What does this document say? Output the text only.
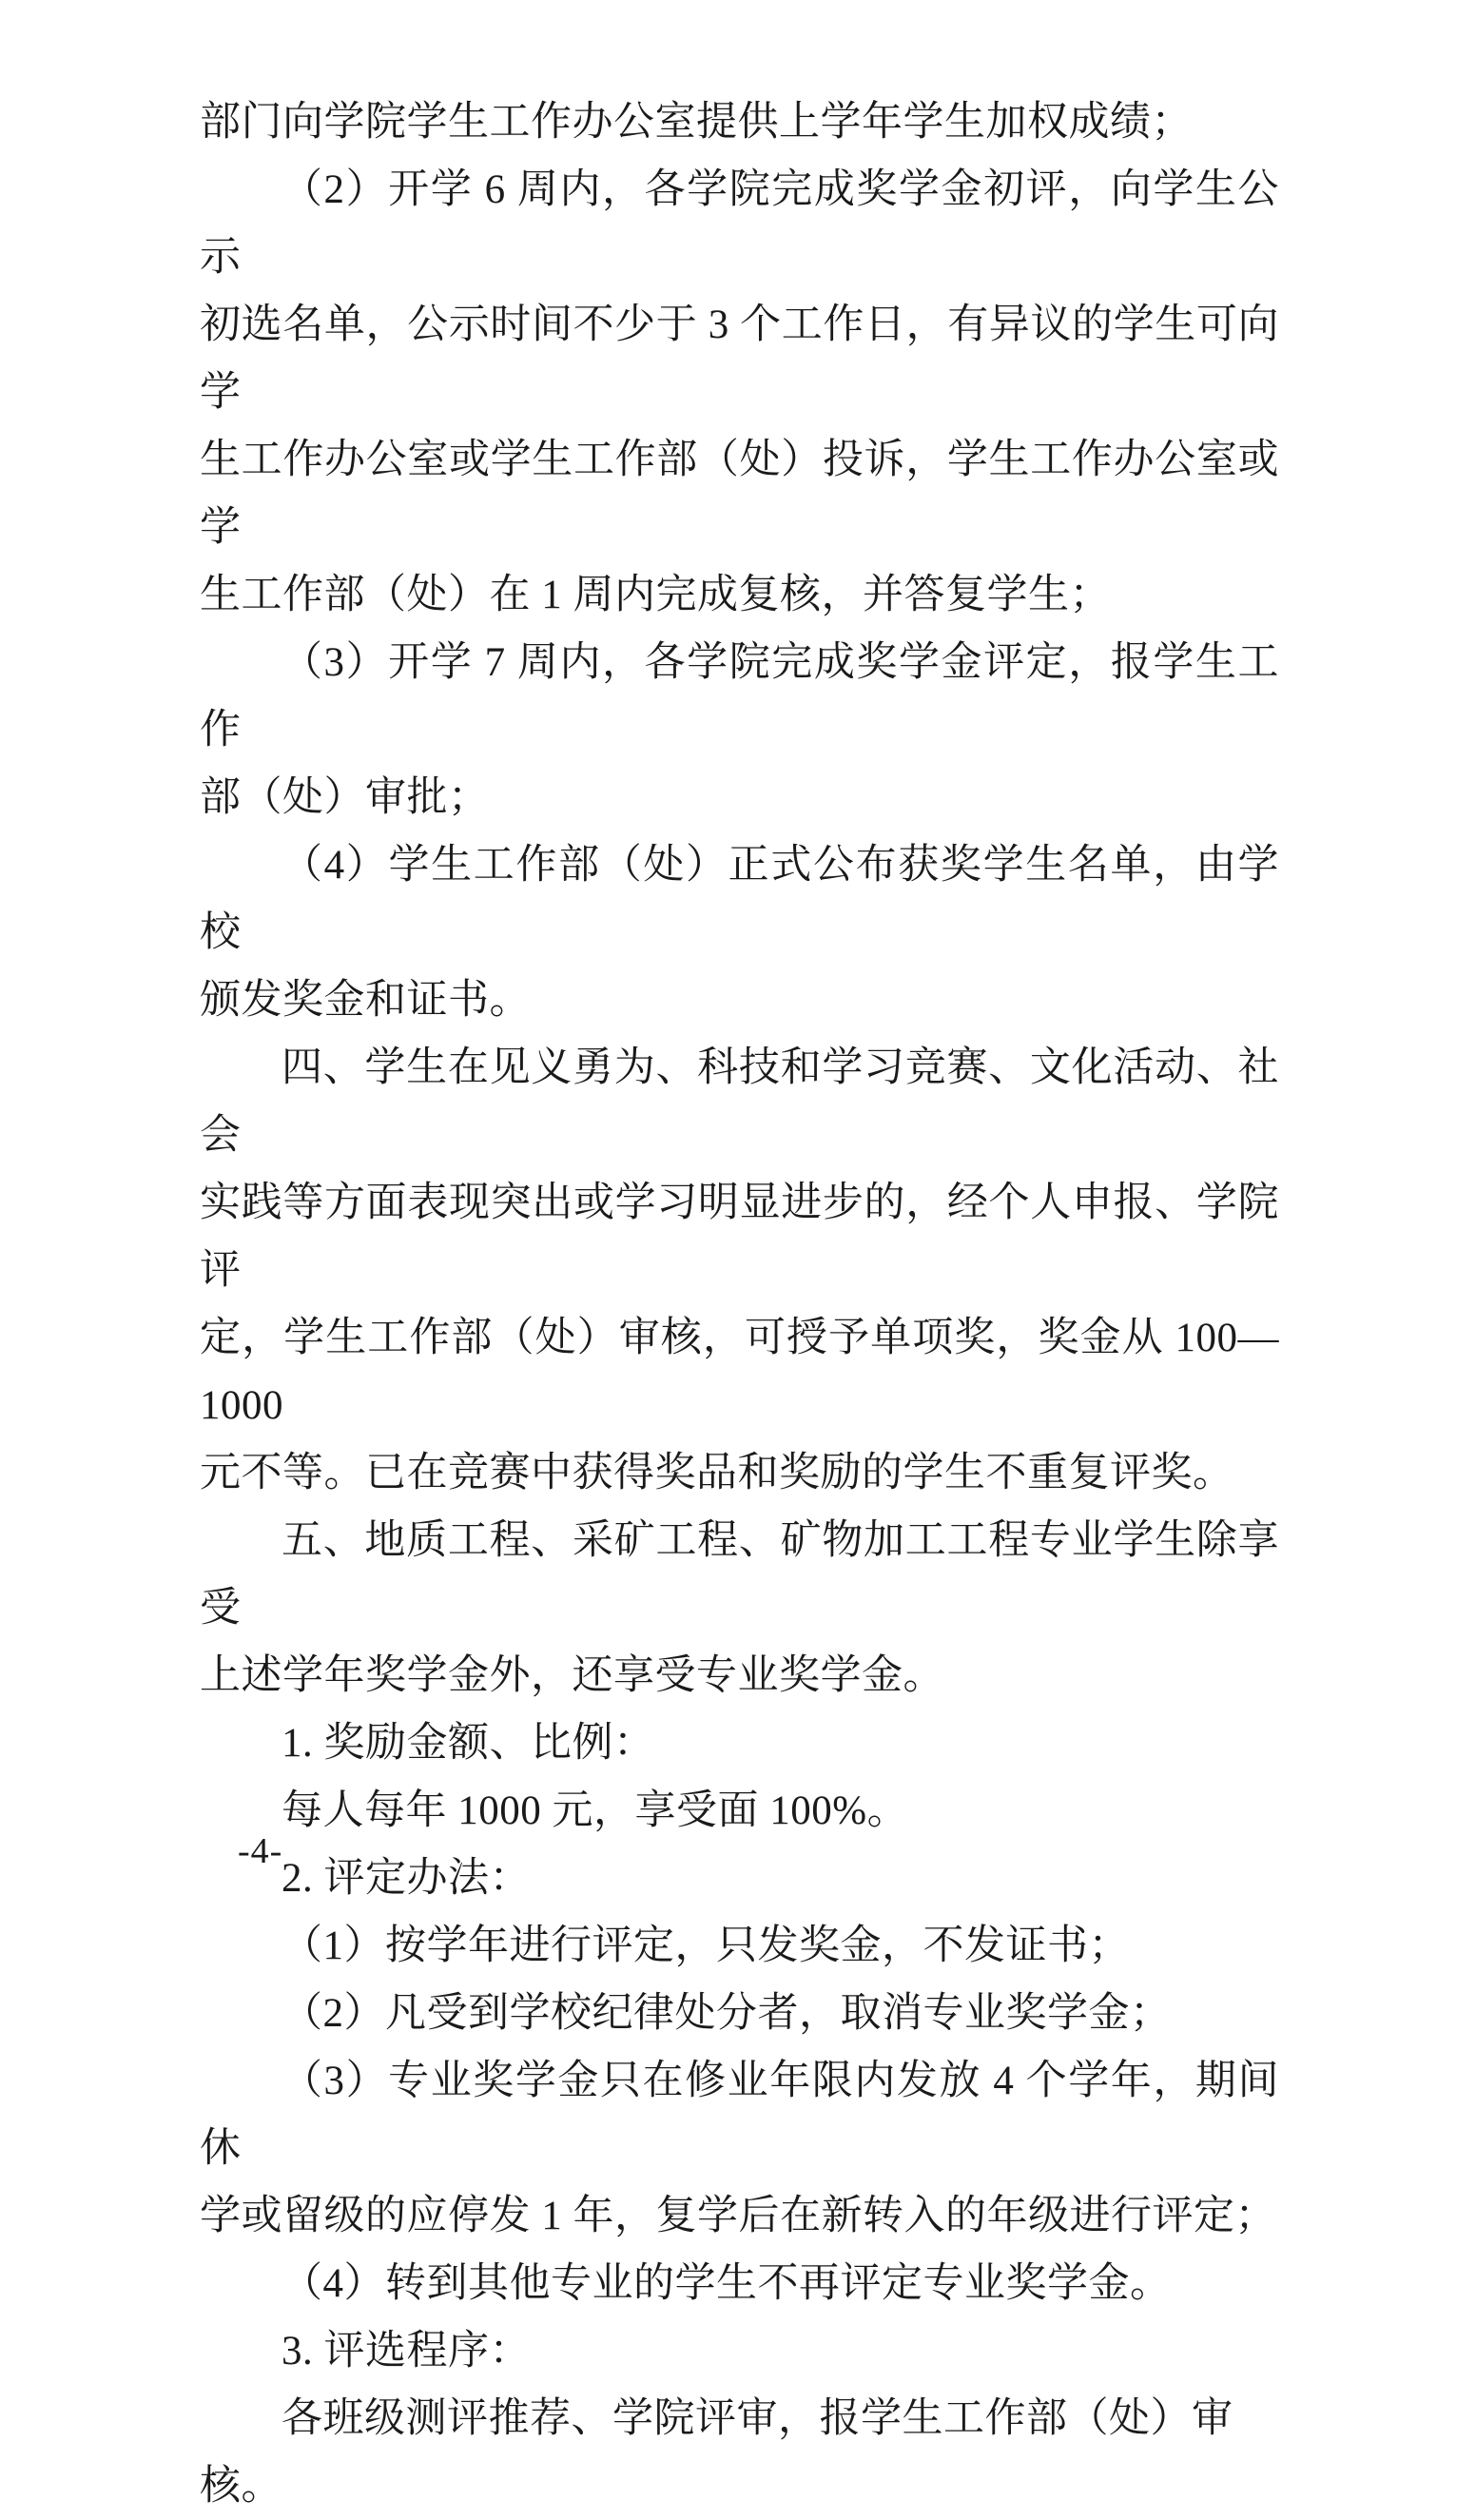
部门向学院学生工作办公室提供上学年学生加权成绩；
（2）开学 6 周内，各学院完成奖学金初评，向学生公示
初选名单，公示时间不少于 3 个工作日，有异议的学生可向学
生工作办公室或学生工作部（处）投诉，学生工作办公室或学
生工作部（处）在 1 周内完成复核，并答复学生；
（3）开学 7 周内，各学院完成奖学金评定，报学生工作
部（处）审批；
（4）学生工作部（处）正式公布获奖学生名单，由学校
颁发奖金和证书。
四、学生在见义勇为、科技和学习竞赛、文化活动、社会
实践等方面表现突出或学习明显进步的，经个人申报、学院评
定，学生工作部（处）审核，可授予单项奖，奖金从 100—1000
元不等。已在竞赛中获得奖品和奖励的学生不重复评奖。
五、地质工程、采矿工程、矿物加工工程专业学生除享受
上述学年奖学金外，还享受专业奖学金。
1. 奖励金额、比例：
每人每年 1000 元，享受面 100%。
2. 评定办法：
（1）按学年进行评定，只发奖金，不发证书；
（2）凡受到学校纪律处分者，取消专业奖学金；
（3）专业奖学金只在修业年限内发放 4 个学年，期间休
学或留级的应停发 1 年，复学后在新转入的年级进行评定；
（4）转到其他专业的学生不再评定专业奖学金。
3. 评选程序：
各班级测评推荐、学院评审，报学生工作部（处）审核。
-4-
